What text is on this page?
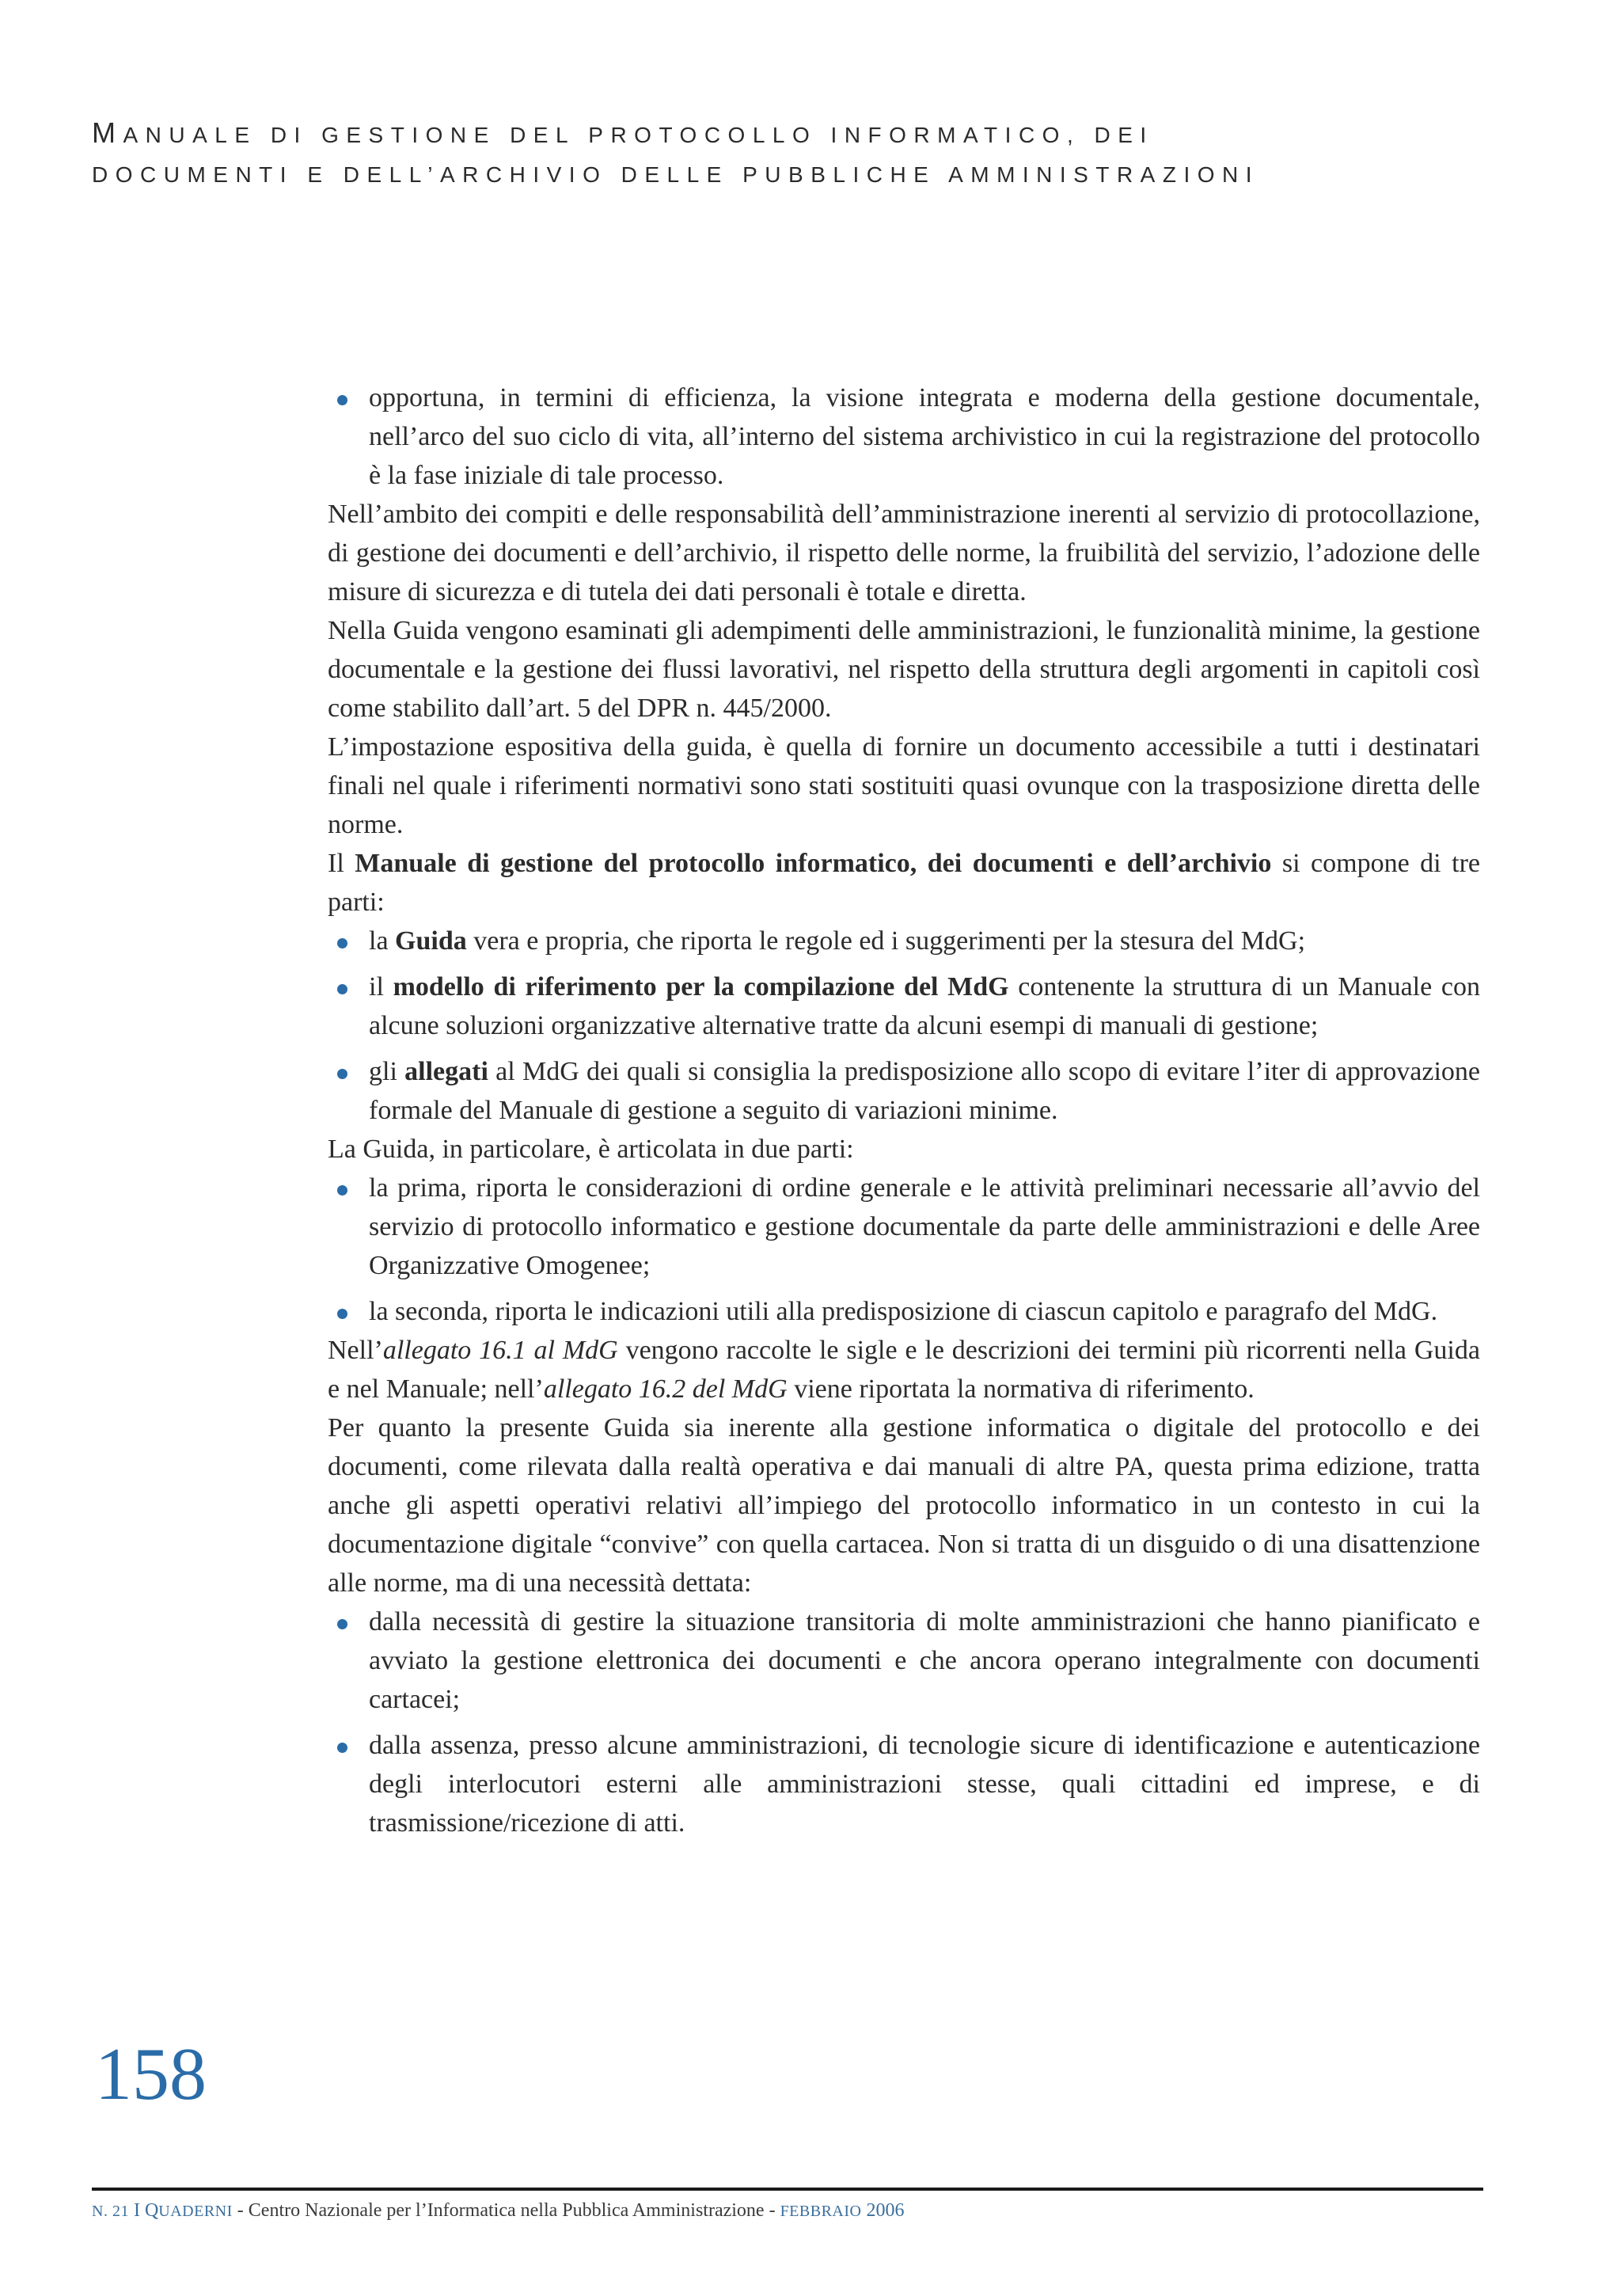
MANUALE DI GESTIONE DEL PROTOCOLLO INFORMATICO, DEI
DOCUMENTI E DELL’ARCHIVIO DELLE PUBBLICHE AMMINISTRAZIONI
opportuna, in termini di efficienza, la visione integrata e moderna della gestione documentale, nell’arco del suo ciclo di vita, all’interno del sistema archivistico in cui la registrazione del protocollo è la fase iniziale di tale processo.

Nell’ambito dei compiti e delle responsabilità dell’amministrazione inerenti al servizio di protocollazione, di gestione dei documenti e dell’archivio, il rispetto delle norme, la fruibilità del servizio, l’adozione delle misure di sicurezza e di tutela dei dati personali è totale e diretta.

Nella Guida vengono esaminati gli adempimenti delle amministrazioni, le funzionalità minime, la gestione documentale e la gestione dei flussi lavorativi, nel rispetto della struttura degli argomenti in capitoli così come stabilito dall’art. 5 del DPR n. 445/2000.

L’impostazione espositiva della guida, è quella di fornire un documento accessibile a tutti i destinatari finali nel quale i riferimenti normativi sono stati sostituiti quasi ovunque con la trasposizione diretta delle norme.

Il Manuale di gestione del protocollo informatico, dei documenti e dell’archivio si compone di tre parti:

la Guida vera e propria, che riporta le regole ed i suggerimenti per la stesura del MdG;
il modello di riferimento per la compilazione del MdG contenente la struttura di un Manuale con alcune soluzioni organizzative alternative tratte da alcuni esempi di manuali di gestione;
gli allegati al MdG dei quali si consiglia la predisposizione allo scopo di evitare l’iter di approvazione formale del Manuale di gestione a seguito di variazioni minime.

La Guida, in particolare, è articolata in due parti:

la prima, riporta le considerazioni di ordine generale e le attività preliminari necessarie all’avvio del servizio di protocollo informatico e gestione documentale da parte delle amministrazioni e delle Aree Organizzative Omogenee;
la seconda, riporta le indicazioni utili alla predisposizione di ciascun capitolo e paragrafo del MdG.

Nell’allegato 16.1 al MdG vengono raccolte le sigle e le descrizioni dei termini più ricorrenti nella Guida e nel Manuale; nell’allegato 16.2 del MdG viene riportata la normativa di riferimento.

Per quanto la presente Guida sia inerente alla gestione informatica o digitale del protocollo e dei documenti, come rilevata dalla realtà operativa e dai manuali di altre PA, questa prima edizione, tratta anche gli aspetti operativi relativi all’impiego del protocollo informatico in un contesto in cui la documentazione digitale “convive” con quella cartacea. Non si tratta di un disguido o di una disattenzione alle norme, ma di una necessità dettata:

dalla necessità di gestire la situazione transitoria di molte amministrazioni che hanno pianificato e avviato la gestione elettronica dei documenti e che ancora operano integralmente con documenti cartacei;
dalla assenza, presso alcune amministrazioni, di tecnologie sicure di identificazione e autenticazione degli interlocutori esterni alle amministrazioni stesse, quali cittadini ed imprese, e di trasmissione/ricezione di atti.
158
N. 21 I QUADERNI - Centro Nazionale per l’Informatica nella Pubblica Amministrazione - FEBBRAIO 2006
